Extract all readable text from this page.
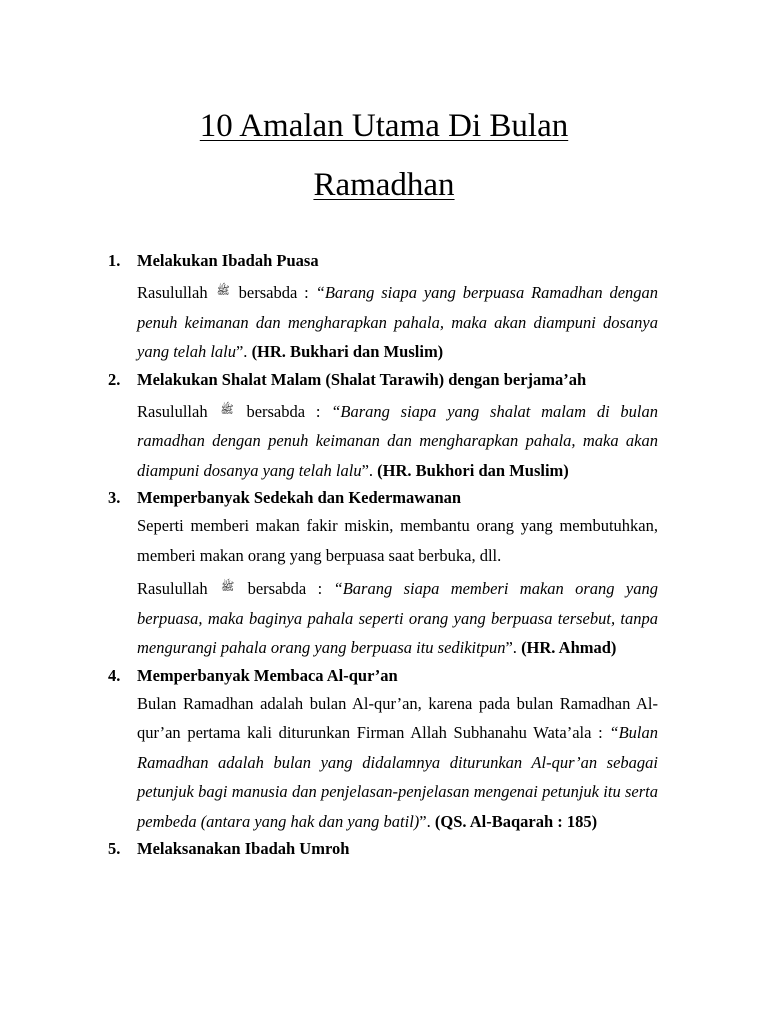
10 Amalan Utama Di Bulan
Ramadhan
1.	Melakukan Ibadah Puasa
Rasulullah ﷺ bersabda : “Barang siapa yang berpuasa Ramadhan dengan penuh keimanan dan mengharapkan pahala, maka akan diampuni dosanya yang telah lalu”. (HR. Bukhari dan Muslim)
2.	Melakukan Shalat Malam (Shalat Tarawih) dengan berjama’ah
Rasulullah ﷺ bersabda : “Barang siapa yang shalat malam di bulan ramadhan dengan penuh keimanan dan mengharapkan pahala, maka akan diampuni dosanya yang telah lalu”. (HR. Bukhori dan Muslim)
3.	Memperbanyak Sedekah dan Kedermawanan
Seperti memberi makan fakir miskin, membantu orang yang membutuhkan, memberi makan orang yang berpuasa saat berbuka, dll.
Rasulullah ﷺ bersabda : “Barang siapa memberi makan orang yang berpuasa, maka baginya pahala seperti orang yang berpuasa tersebut, tanpa mengurangi pahala orang yang berpuasa itu sedikitpun”. (HR. Ahmad)
4.	Memperbanyak Membaca Al-qur’an
Bulan Ramadhan adalah bulan Al-qur’an, karena pada bulan Ramadhan Al-qur’an pertama kali diturunkan Firman Allah Subhanahu Wata’ala : “Bulan Ramadhan adalah bulan yang didalamnya diturunkan Al-qur’an sebagai petunjuk bagi manusia dan penjelasan-penjelasan mengenai petunjuk itu serta pembeda (antara yang hak dan yang batil)”. (QS. Al-Baqarah : 185)
5.	Melaksanakan Ibadah Umroh
